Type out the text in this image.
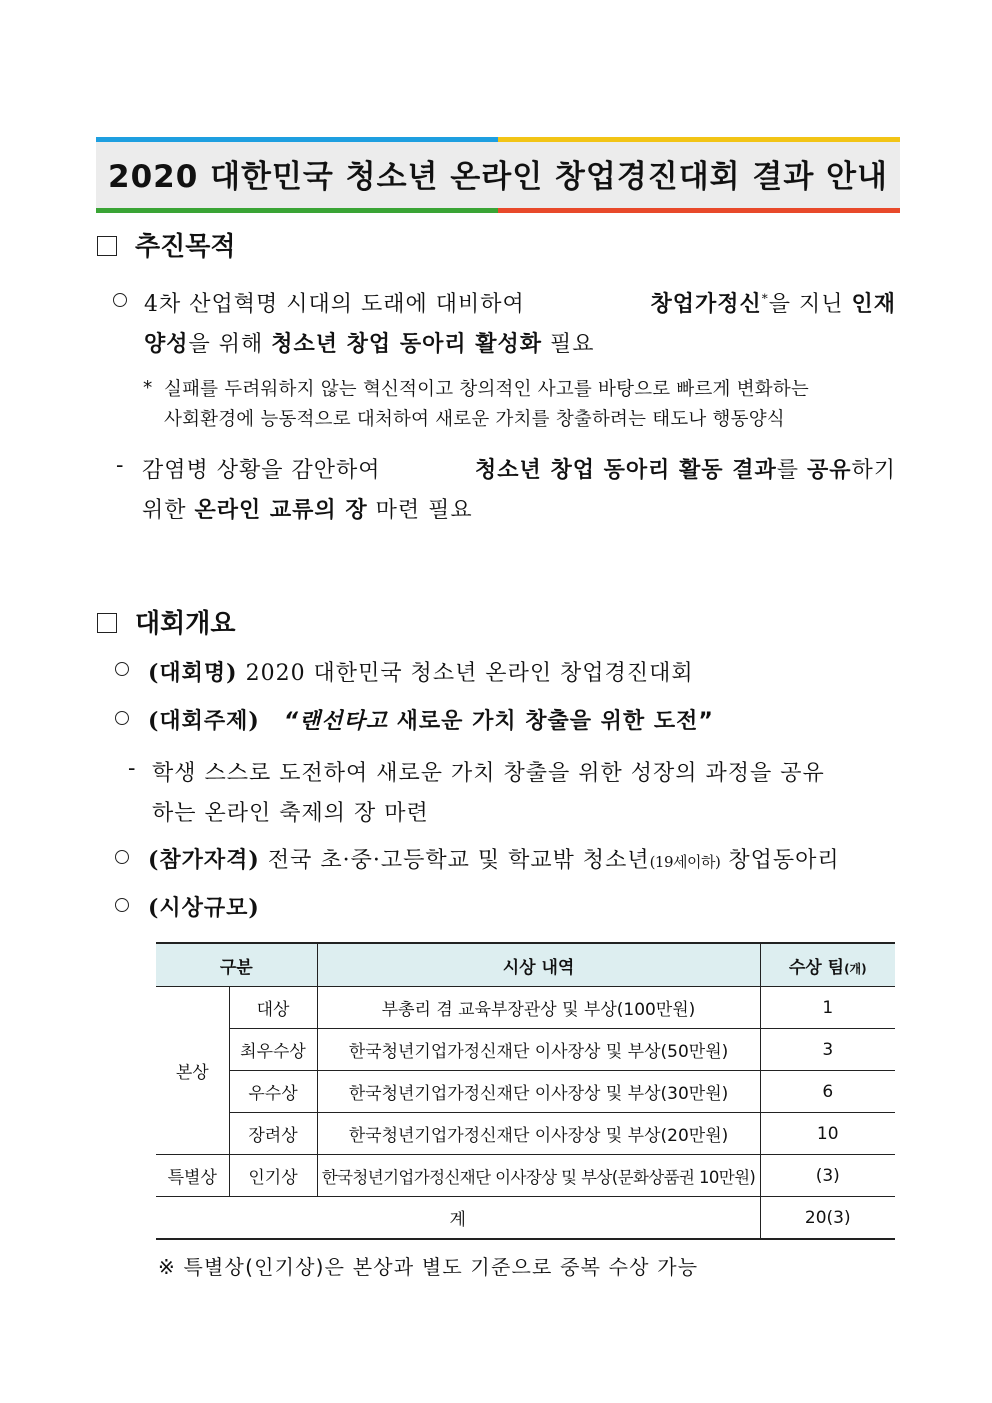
2020 대한민국 청소년 온라인 창업경진대회 결과 안내
추진목적
4차 산업혁명 시대의 도래에 대비하여	창업가정신*을 지닌 인재
양성을 위해 청소년 창업 동아리 활성화 필요
* 실패를 두려워하지 않는 혁신적이고 창의적인 사고를 바탕으로 빠르게 변화하는
사회환경에 능동적으로 대처하여 새로운 가치를 창출하려는 태도나 행동양식
- 감염병 상황을 감안하여	청소년 창업 동아리 활동 결과를 공유하기
위한 온라인 교류의 장 마련 필요
대회개요
(대회명) 2020 대한민국 청소년 온라인 창업경진대회
(대회주제) “랜선타고 새로운 가치 창출을 위한 도전”
- 학생 스스로 도전하여 새로운 가치 창출을 위한 성장의 과정을 공유
하는 온라인 축제의 장 마련
(참가자격) 전국 초·중·고등학교 및 학교밖 청소년(19세이하) 창업동아리
(시상규모)
구분		시상 내역	수상 팀(개)
본상	대상	부총리 겸 교육부장관상 및 부상(100만원)	1
	최우수상	한국청년기업가정신재단 이사장상 및 부상(50만원)	3
	우수상	한국청년기업가정신재단 이사장상 및 부상(30만원)	6
	장려상	한국청년기업가정신재단 이사장상 및 부상(20만원)	10
특별상	인기상	한국청년기업가정신재단 이사장상 및 부상(문화상품권 10만원)	(3)
계			20(3)
※ 특별상(인기상)은 본상과 별도 기준으로 중복 수상 가능
